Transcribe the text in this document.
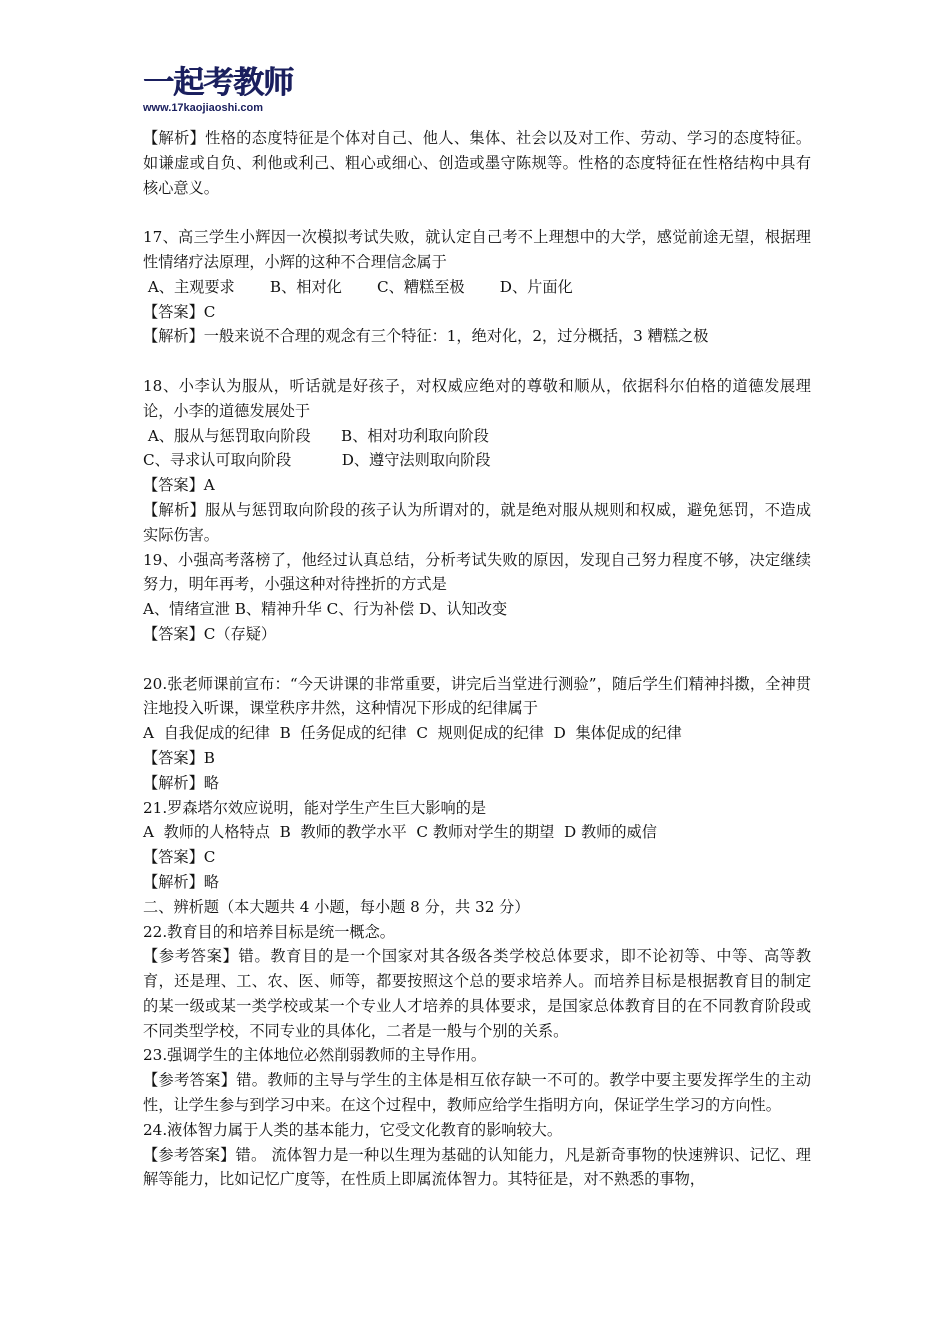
一起考教师
www.17kaojiaoshi.com

【解析】性格的态度特征是个体对自己、他人、集体、社会以及对工作、劳动、学习的态度特征。如谦虚或自负、利他或利己、粗心或细心、创造或墨守陈规等。性格的态度特征在性格结构中具有核心意义。

17、高三学生小辉因一次模拟考试失败，就认定自己考不上理想中的大学，感觉前途无望，根据理性情绪疗法原理，小辉的这种不合理信念属于

A、主观要求　　 B、相对化　　 C、糟糕至极　　 D、片面化

【答案】C

【解析】一般来说不合理的观念有三个特征：1，绝对化，2，过分概括，3 糟糕之极

18、小李认为服从，听话就是好孩子，对权威应绝对的尊敬和顺从，依据科尔伯格的道德发展理论，小李的道德发展处于

A、服从与惩罚取向阶段　　B、相对功利取向阶段

C、寻求认可取向阶段　　　 D、遵守法则取向阶段

【答案】A

【解析】服从与惩罚取向阶段的孩子认为所谓对的，就是绝对服从规则和权威，避免惩罚，不造成实际伤害。

19、小强高考落榜了，他经过认真总结，分析考试失败的原因，发现自己努力程度不够，决定继续努力，明年再考，小强这种对待挫折的方式是

A、情绪宣泄 B、精神升华 C、行为补偿 D、认知改变

【答案】C（存疑）

20.张老师课前宣布：“今天讲课的非常重要，讲完后当堂进行测验”，随后学生们精神抖擞，全神贯注地投入听课，课堂秩序井然，这种情况下形成的纪律属于

A  自我促成的纪律  B  任务促成的纪律  C  规则促成的纪律  D  集体促成的纪律

【答案】B

【解析】略

21.罗森塔尔效应说明，能对学生产生巨大影响的是

A  教师的人格特点  B  教师的教学水平  C 教师对学生的期望  D 教师的威信

【答案】C

【解析】略

二、辨析题（本大题共 4 小题，每小题 8 分，共 32 分）

22.教育目的和培养目标是统一概念。

【参考答案】错。教育目的是一个国家对其各级各类学校总体要求，即不论初等、中等、高等教育，还是理、工、农、医、师等，都要按照这个总的要求培养人。而培养目标是根据教育目的制定的某一级或某一类学校或某一个专业人才培养的具体要求，是国家总体教育目的在不同教育阶段或不同类型学校，不同专业的具体化，二者是一般与个别的关系。

23.强调学生的主体地位必然削弱教师的主导作用。

【参考答案】错。教师的主导与学生的主体是相互依存缺一不可的。教学中要主要发挥学生的主动性，让学生参与到学习中来。在这个过程中，教师应给学生指明方向，保证学生学习的方向性。

24.液体智力属于人类的基本能力，它受文化教育的影响较大。

【参考答案】错。 流体智力是一种以生理为基础的认知能力，凡是新奇事物的快速辨识、记忆、理解等能力，比如记忆广度等，在性质上即属流体智力。其特征是，对不熟悉的事物，
